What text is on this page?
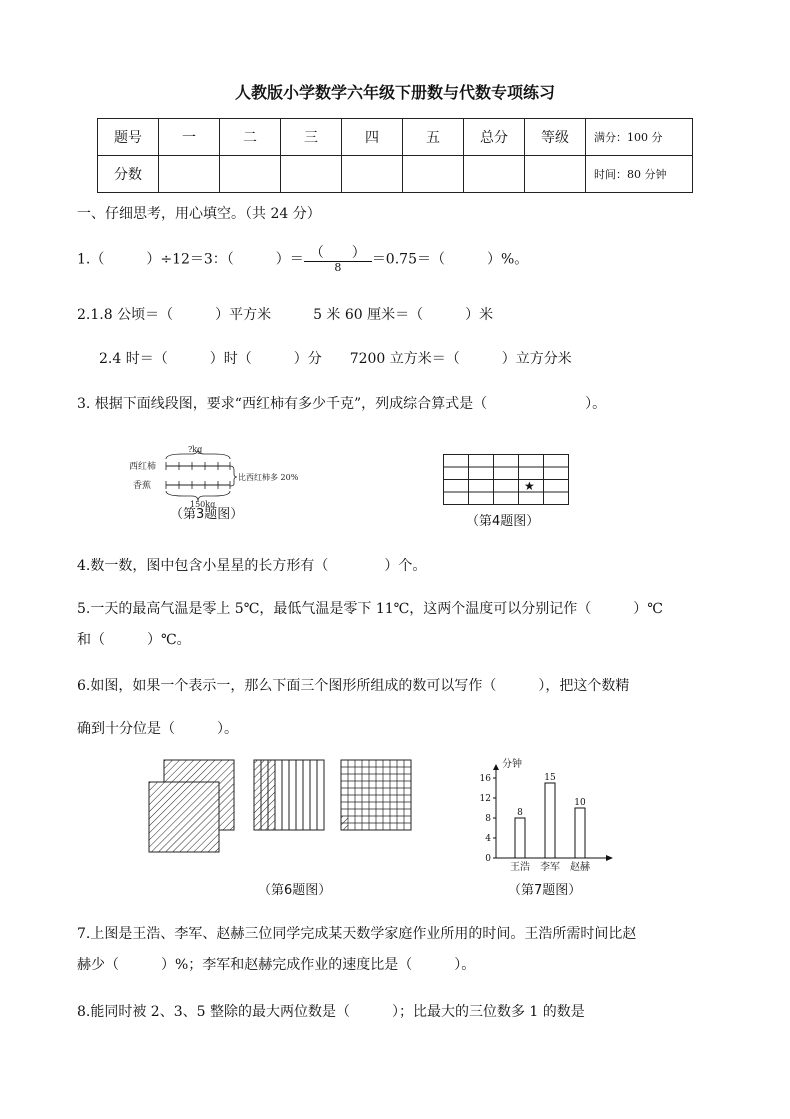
人教版小学数学六年级下册数与代数专项练习
题号	一	二	三	四	五	总分	等级	满分：100 分
分数								时间：80 分钟
一、仔细思考，用心填空。（共 24 分）
1.（　　　）÷12＝3：（　　　）＝ $\frac{( )}{8} =0.75=$（　　　）%。
2.1.8 公顷＝（　　　）平方米　　　5 米 60 厘米＝（　　　）米
2.4 时＝（　　　）时（　　　）分　　7200 立方米＝（　　　）立方分米
3. 根据下面线段图，要求“西红柿有多少千克”，列成综合算式是（　　　　　　　）。
西红柿
香蕉
?kg
比西红柿多 20%
150kg
（第3题图）
★
（第4题图）
4.数一数，图中包含小星星的长方形有（　　　　）个。
5.一天的最高气温是零上 5℃，最低气温是零下 11℃，这两个温度可以分别记作（　　　）℃
和（　　　）℃。
6.如图，如果一个表示一，那么下面三个图形所组成的数可以写作（　　　），把这个数精
确到十分位是（　　　）。
（第6题图）
分钟
0
4
8
12
16
8
王浩
15
李军
10
赵赫
（第7题图）
7.上图是王浩、李军、赵赫三位同学完成某天数学家庭作业所用的时间。王浩所需时间比赵
赫少（　　　）%；李军和赵赫完成作业的速度比是（　　　）。
8.能同时被 2、3、5 整除的最大两位数是（　　　）；比最大的三位数多 1 的数是
